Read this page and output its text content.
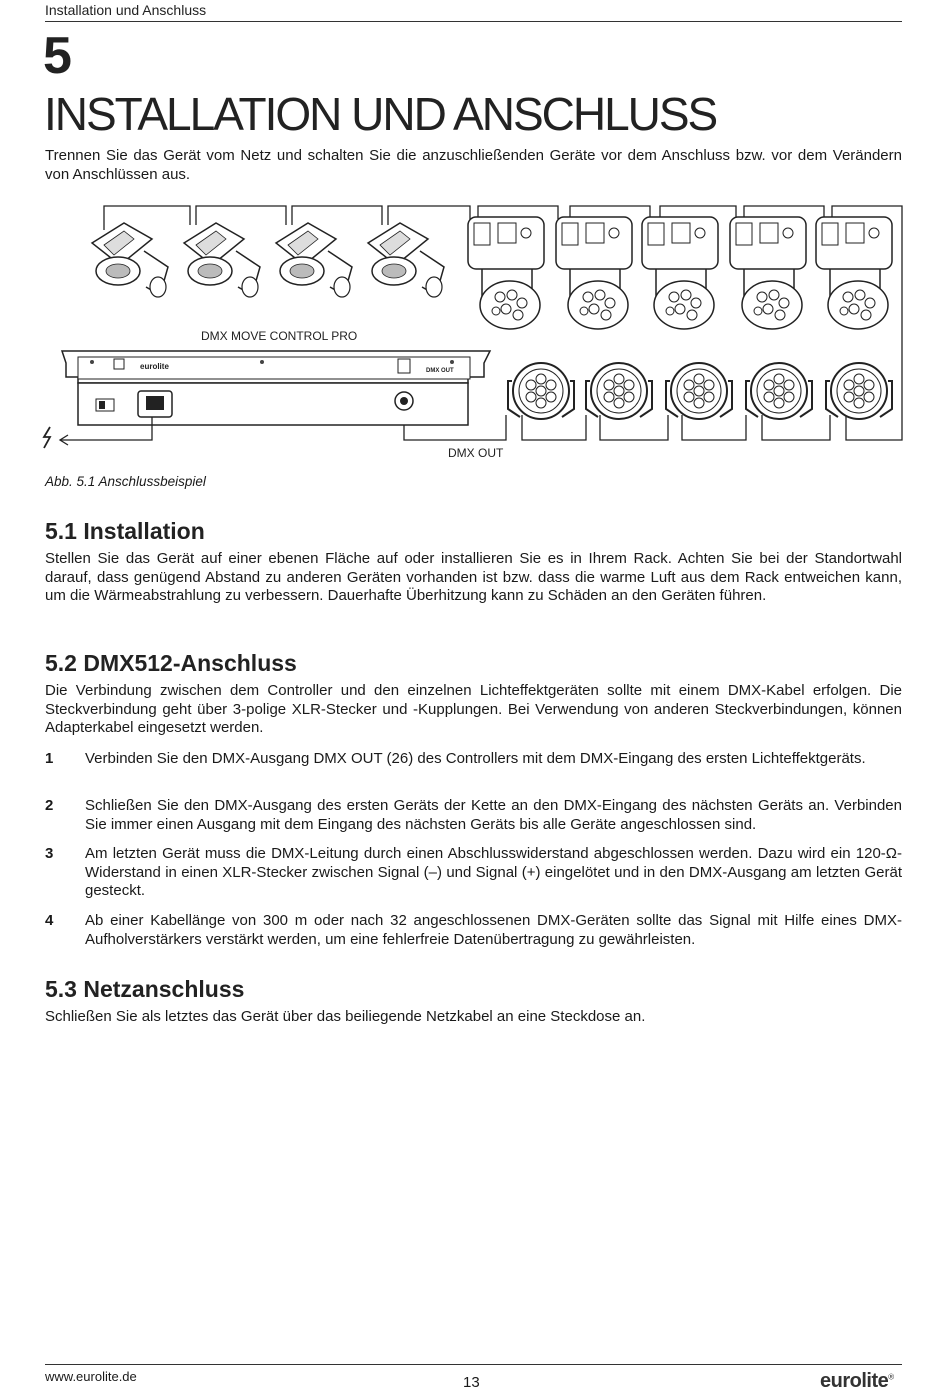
Installation und Anschluss
5
INSTALLATION UND ANSCHLUSS
Trennen Sie das Gerät vom Netz und schalten Sie die anzuschließenden Geräte vor dem Anschluss bzw. vor dem Verändern von Anschlüssen aus.
DMX MOVE CONTROL PRO
eurolite	DMX OUT
DMX OUT
Abb. 5.1 Anschlussbeispiel
5.1 Installation
Stellen Sie das Gerät auf einer ebenen Fläche auf oder installieren Sie es in Ihrem Rack. Achten Sie bei der Standortwahl darauf, dass genügend Abstand zu anderen Geräten vorhanden ist bzw. dass die warme Luft aus dem Rack entweichen kann, um die Wärmeabstrahlung zu verbessern. Dauerhafte Überhitzung kann zu Schäden an den Geräten führen.
5.2 DMX512-Anschluss
Die Verbindung zwischen dem Controller und den einzelnen Lichteffektgeräten sollte mit einem DMX-Kabel erfolgen. Die Steckverbindung geht über 3-polige XLR-Stecker und -Kupplungen. Bei Verwendung von anderen Steckverbindungen, können Adapterkabel eingesetzt werden.
1 Verbinden Sie den DMX-Ausgang DMX OUT (26) des Controllers mit dem DMX-Eingang des ersten Lichteffektgeräts.
2 Schließen Sie den DMX-Ausgang des ersten Geräts der Kette an den DMX-Eingang des nächsten Geräts an. Verbinden Sie immer einen Ausgang mit dem Eingang des nächsten Geräts bis alle Geräte angeschlossen sind.
3 Am letzten Gerät muss die DMX-Leitung durch einen Abschlusswiderstand abgeschlossen werden. Dazu wird ein 120-Ω-Widerstand in einen XLR-Stecker zwischen Signal (–) und Signal (+) eingelötet und in den DMX-Ausgang am letzten Gerät gesteckt.
4 Ab einer Kabellänge von 300 m oder nach 32 angeschlossenen DMX-Geräten sollte das Signal mit Hilfe eines DMX-Aufholverstärkers verstärkt werden, um eine fehlerfreie Datenübertragung zu gewährleisten.
5.3 Netzanschluss
Schließen Sie als letztes das Gerät über das beiliegende Netzkabel an eine Steckdose an.
www.eurolite.de	13	eurolite®
